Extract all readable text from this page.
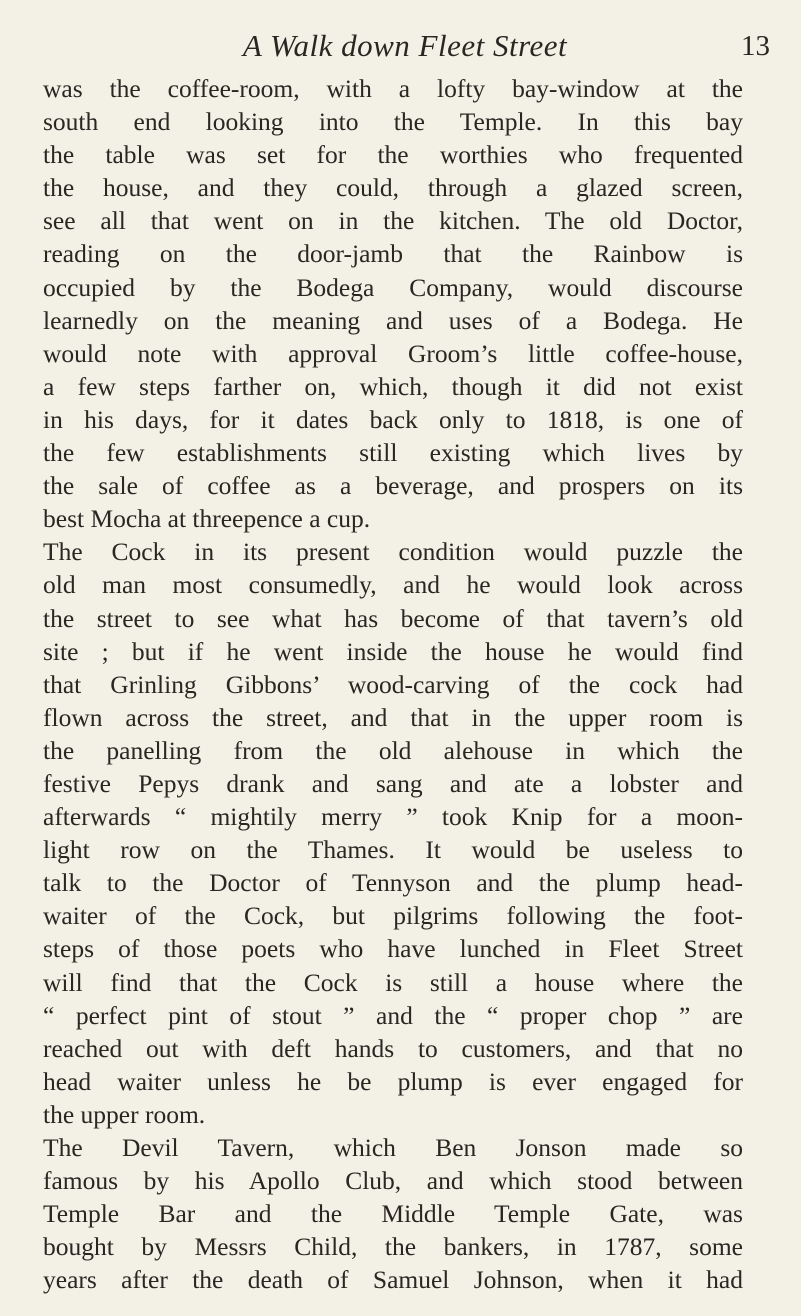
A Walk down Fleet Street	13
was the coffee-room, with a lofty bay-window at the
south end looking into the Temple. In this bay
the table was set for the worthies who frequented
the house, and they could, through a glazed screen,
see all that went on in the kitchen. The old Doctor,
reading on the door-jamb that the Rainbow is
occupied by the Bodega Company, would discourse
learnedly on the meaning and uses of a Bodega. He
would note with approval Groom’s little coffee-house,
a few steps farther on, which, though it did not exist
in his days, for it dates back only to 1818, is one of
the few establishments still existing which lives by
the sale of coffee as a beverage, and prospers on its
best Mocha at threepence a cup.
The Cock in its present condition would puzzle the
old man most consumedly, and he would look across
the street to see what has become of that tavern’s old
site ; but if he went inside the house he would find
that Grinling Gibbons’ wood-carving of the cock had
flown across the street, and that in the upper room is
the panelling from the old alehouse in which the
festive Pepys drank and sang and ate a lobster and
afterwards “ mightily merry ” took Knip for a moon-
light row on the Thames. It would be useless to
talk to the Doctor of Tennyson and the plump head-
waiter of the Cock, but pilgrims following the foot-
steps of those poets who have lunched in Fleet Street
will find that the Cock is still a house where the
“ perfect pint of stout ” and the “ proper chop ” are
reached out with deft hands to customers, and that no
head waiter unless he be plump is ever engaged for
the upper room.
The Devil Tavern, which Ben Jonson made so
famous by his Apollo Club, and which stood between
Temple Bar and the Middle Temple Gate, was
bought by Messrs Child, the bankers, in 1787, some
years after the death of Samuel Johnson, when it had
